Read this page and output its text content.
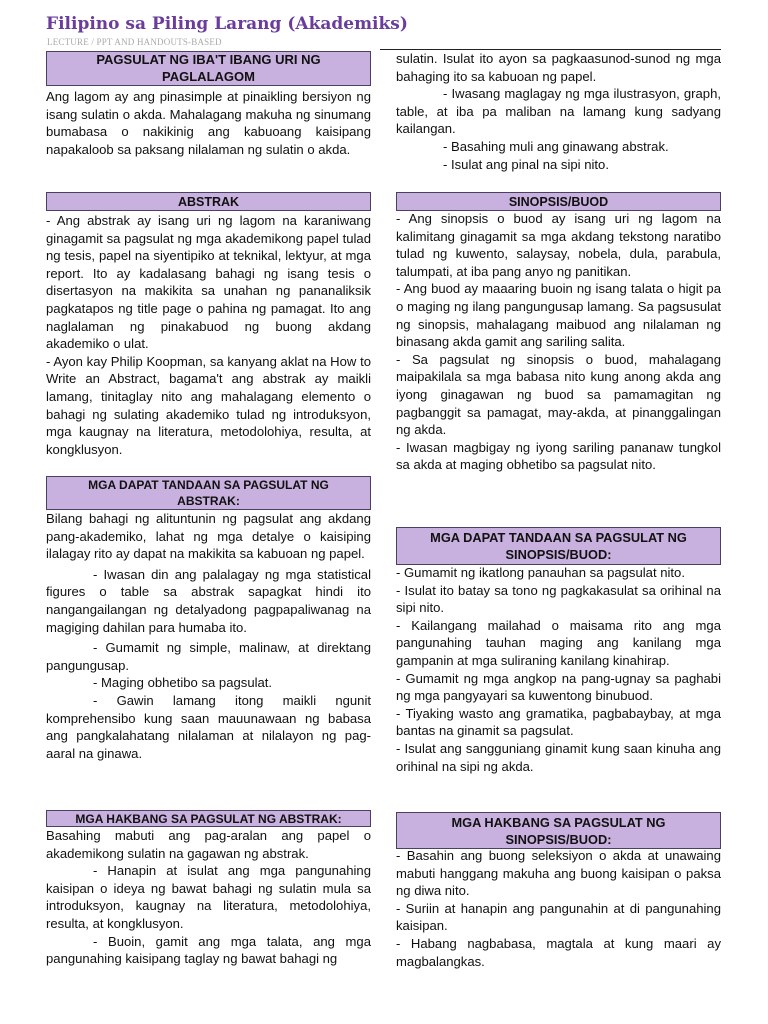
Filipino sa Piling Larang (Akademiks)
LECTURE / PPT AND HANDOUTS-BASED
PAGSULAT NG IBA'T IBANG URI NG PAGLALAGOM

Ang lagom ay ang pinasimple at pinaikling bersiyon ng isang sulatin o akda. Mahalagang makuha ng sinumang bumabasa o nakikinig ang kabuoang kaisipang napakaloob sa paksang nilalaman ng sulatin o akda.

ABSTRAK

- Ang abstrak ay isang uri ng lagom na karaniwang ginagamit sa pagsulat ng mga akademikong papel tulad ng tesis, papel na siyentipiko at teknikal, lektyur, at mga report. Ito ay kadalasang bahagi ng isang tesis o disertasyon na makikita sa unahan ng pananaliksik pagkatapos ng title page o pahina ng pamagat. Ito ang naglalaman ng pinakabuod ng buong akdang akademiko o ulat.

- Ayon kay Philip Koopman, sa kanyang aklat na How to Write an Abstract, bagama't ang abstrak ay maikli lamang, tinitaglay nito ang mahalagang elemento o bahagi ng sulating akademiko tulad ng introduksyon, mga kaugnay na literatura, metodolohiya, resulta, at kongklusyon.

MGA DAPAT TANDAAN SA PAGSULAT NG ABSTRAK:

Bilang bahagi ng alituntunin ng pagsulat ang akdang pang-akademiko, lahat ng mga detalye o kaisiping ilalagay rito ay dapat na makikita sa kabuoan ng papel.

- Iwasan din ang palalagay ng mga statistical figures o table sa abstrak sapagkat hindi ito nangangailangan ng detalyadong pagpapaliwanag na magiging dahilan para humaba ito.

- Gumamit ng simple, malinaw, at direktang pangungusap.

- Maging obhetibo sa pagsulat.

- Gawin lamang itong maikli ngunit komprehensibo kung saan mauunawaan ng babasa ang pangkalahatang nilalaman at nilalayon ng pag-aaral na ginawa.

MGA HAKBANG SA PAGSULAT NG ABSTRAK:

Basahing mabuti ang pag-aralan ang papel o akademikong sulatin na gagawan ng abstrak.

- Hanapin at isulat ang mga pangunahing kaisipan o ideya ng bawat bahagi ng sulatin mula sa introduksyon, kaugnay na literatura, metodolohiya, resulta, at kongklusyon.

- Buoin, gamit ang mga talata, ang mga pangunahing kaisipang taglay ng bawat bahagi ng

sulatin. Isulat ito ayon sa pagkaasunod-sunod ng mga bahaging ito sa kabuoan ng papel.

- Iwasang maglagay ng mga ilustrasyon, graph, table, at iba pa maliban na lamang kung sadyang kailangan.

- Basahing muli ang ginawang abstrak.

- Isulat ang pinal na sipi nito.

SINOPSIS/BUOD

- Ang sinopsis o buod ay isang uri ng lagom na kalimitang ginagamit sa mga akdang tekstong naratibo tulad ng kuwento, salaysay, nobela, dula, parabula, talumpati, at iba pang anyo ng panitikan.

- Ang buod ay maaaring buoin ng isang talata o higit pa o maging ng ilang pangungusap lamang. Sa pagsusulat ng sinopsis, mahalagang maibuod ang nilalaman ng binasang akda gamit ang sariling salita.

- Sa pagsulat ng sinopsis o buod, mahalagang maipakilala sa mga babasa nito kung anong akda ang iyong ginagawan ng buod sa pamamagitan ng pagbanggit sa pamagat, may-akda, at pinanggalingan ng akda.

- Iwasan magbigay ng iyong sariling pananaw tungkol sa akda at maging obhetibo sa pagsulat nito.

MGA DAPAT TANDAAN SA PAGSULAT NG SINOPSIS/BUOD:

- Gumamit ng ikatlong panauhan sa pagsulat nito.

- Isulat ito batay sa tono ng pagkakasulat sa orihinal na sipi nito.

- Kailangang mailahad o maisama rito ang mga pangunahing tauhan maging ang kanilang mga gampanin at mga suliraning kanilang kinahirap.

- Gumamit ng mga angkop na pang-ugnay sa paghabi ng mga pangyayari sa kuwentong binubuod.

- Tiyaking wasto ang gramatika, pagbabaybay, at mga bantas na ginamit sa pagsulat.

- Isulat ang sangguniang ginamit kung saan kinuha ang orihinal na sipi ng akda.

MGA HAKBANG SA PAGSULAT NG SINOPSIS/BUOD:

- Basahin ang buong seleksiyon o akda at unawaing mabuti hanggang makuha ang buong kaisipan o paksa ng diwa nito.

- Suriin at hanapin ang pangunahin at di pangunahing kaisipan.

- Habang nagbabasa, magtala at kung maari ay magbalangkas.
